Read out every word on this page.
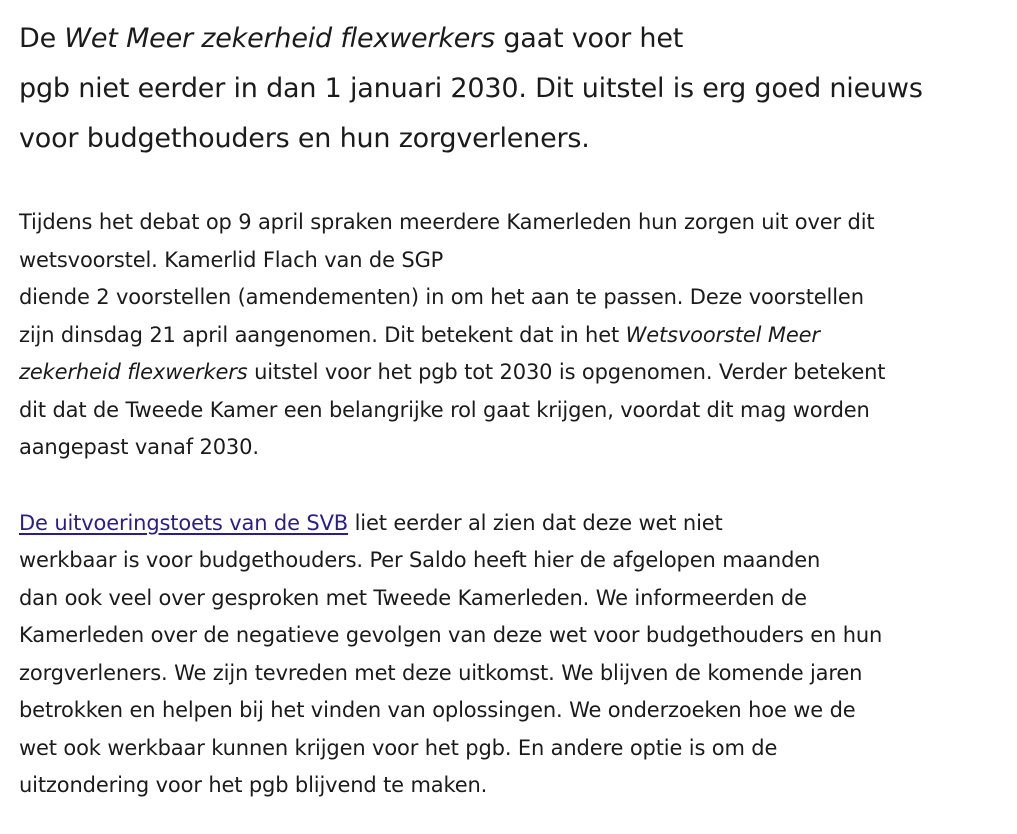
De Wet Meer zekerheid flexwerkers gaat voor het
pgb niet eerder in dan 1 januari 2030. Dit uitstel is erg goed nieuws
voor budgethouders en hun zorgverleners.

Tijdens het debat op 9 april spraken meerdere Kamerleden hun zorgen uit over dit
wetsvoorstel. Kamerlid Flach van de SGP
diende 2 voorstellen (amendementen) in om het aan te passen. Deze voorstellen
zijn dinsdag 21 april aangenomen. Dit betekent dat in het Wetsvoorstel Meer
zekerheid flexwerkers uitstel voor het pgb tot 2030 is opgenomen. Verder betekent
dit dat de Tweede Kamer een belangrijke rol gaat krijgen, voordat dit mag worden
aangepast vanaf 2030.

De uitvoeringstoets van de SVB liet eerder al zien dat deze wet niet
werkbaar is voor budgethouders. Per Saldo heeft hier de afgelopen maanden
dan ook veel over gesproken met Tweede Kamerleden. We informeerden de
Kamerleden over de negatieve gevolgen van deze wet voor budgethouders en hun
zorgverleners. We zijn tevreden met deze uitkomst. We blijven de komende jaren
betrokken en helpen bij het vinden van oplossingen. We onderzoeken hoe we de
wet ook werkbaar kunnen krijgen voor het pgb. En andere optie is om de
uitzondering voor het pgb blijvend te maken.
